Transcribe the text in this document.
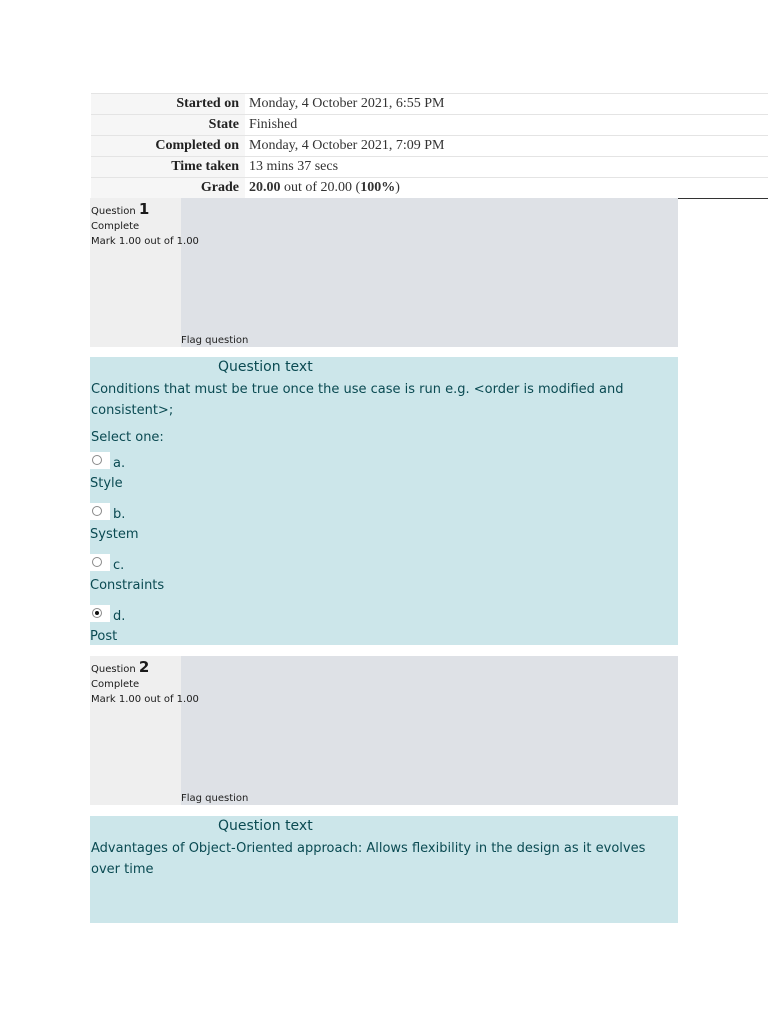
Started on	Monday, 4 October 2021, 6:55 PM
State	Finished
Completed on	Monday, 4 October 2021, 7:09 PM
Time taken	13 mins 37 secs
Grade	20.00 out of 20.00 (100%)
Question 1
Complete
Mark 1.00 out of 1.00
Flag question
Question text
Conditions that must be true once the use case is run e.g. <order is modified and consistent>;
Select one:
a.
Style
b.
System
c.
Constraints
d.
Post
Question 2
Complete
Mark 1.00 out of 1.00
Flag question
Question text
Advantages of Object-Oriented approach: Allows flexibility in the design as it evolves over time
